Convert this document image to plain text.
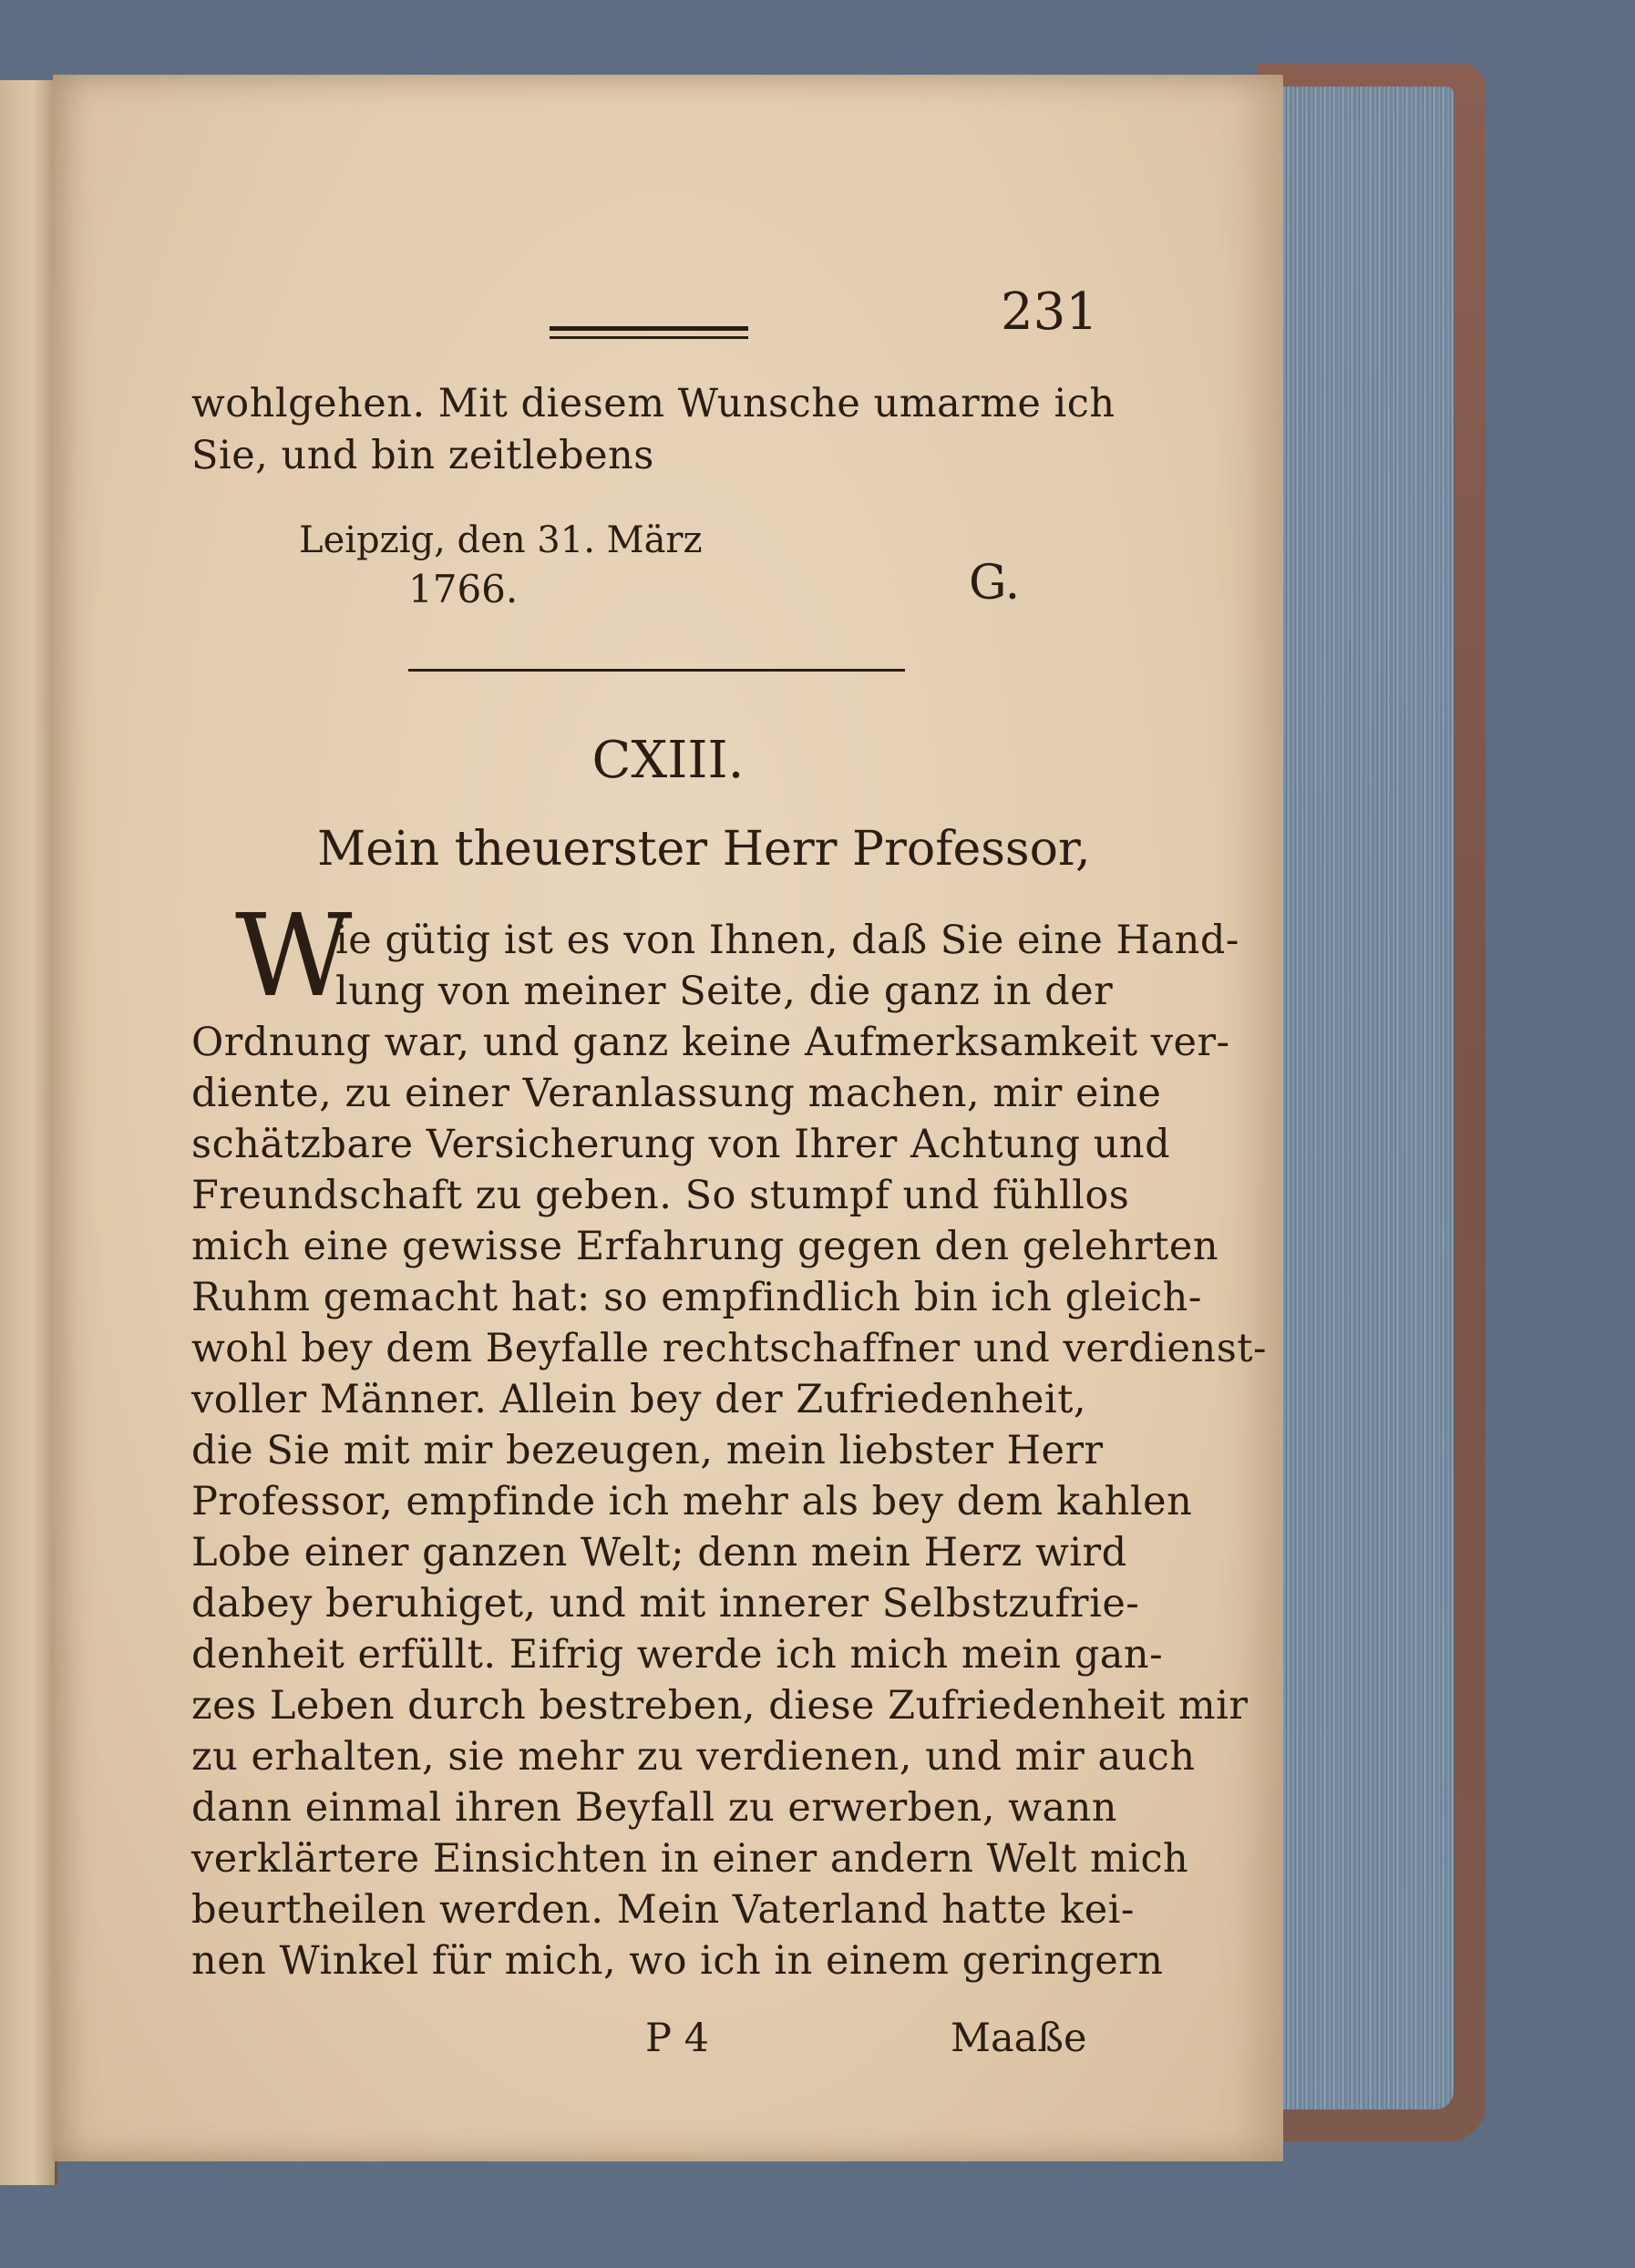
231
wohlgehen. Mit diesem Wunsche umarme ich
Sie, und bin zeitlebens
Leipzig, den 31. März
1766.	G.
CXIII.
Mein theuerster Herr Professor,
W
ie gütig ist es von Ihnen, daß Sie eine Hand-
lung von meiner Seite, die ganz in der
Ordnung war, und ganz keine Aufmerksamkeit ver-
diente, zu einer Veranlassung machen, mir eine
schätzbare Versicherung von Ihrer Achtung und
Freundschaft zu geben. So stumpf und fühllos
mich eine gewisse Erfahrung gegen den gelehrten
Ruhm gemacht hat: so empfindlich bin ich gleich-
wohl bey dem Beyfalle rechtschaffner und verdienst-
voller Männer. Allein bey der Zufriedenheit,
die Sie mit mir bezeugen, mein liebster Herr
Professor, empfinde ich mehr als bey dem kahlen
Lobe einer ganzen Welt; denn mein Herz wird
dabey beruhiget, und mit innerer Selbstzufrie-
denheit erfüllt. Eifrig werde ich mich mein gan-
zes Leben durch bestreben, diese Zufriedenheit mir
zu erhalten, sie mehr zu verdienen, und mir auch
dann einmal ihren Beyfall zu erwerben, wann
verklärtere Einsichten in einer andern Welt mich
beurtheilen werden. Mein Vaterland hatte kei-
nen Winkel für mich, wo ich in einem geringern
P 4	Maaße
